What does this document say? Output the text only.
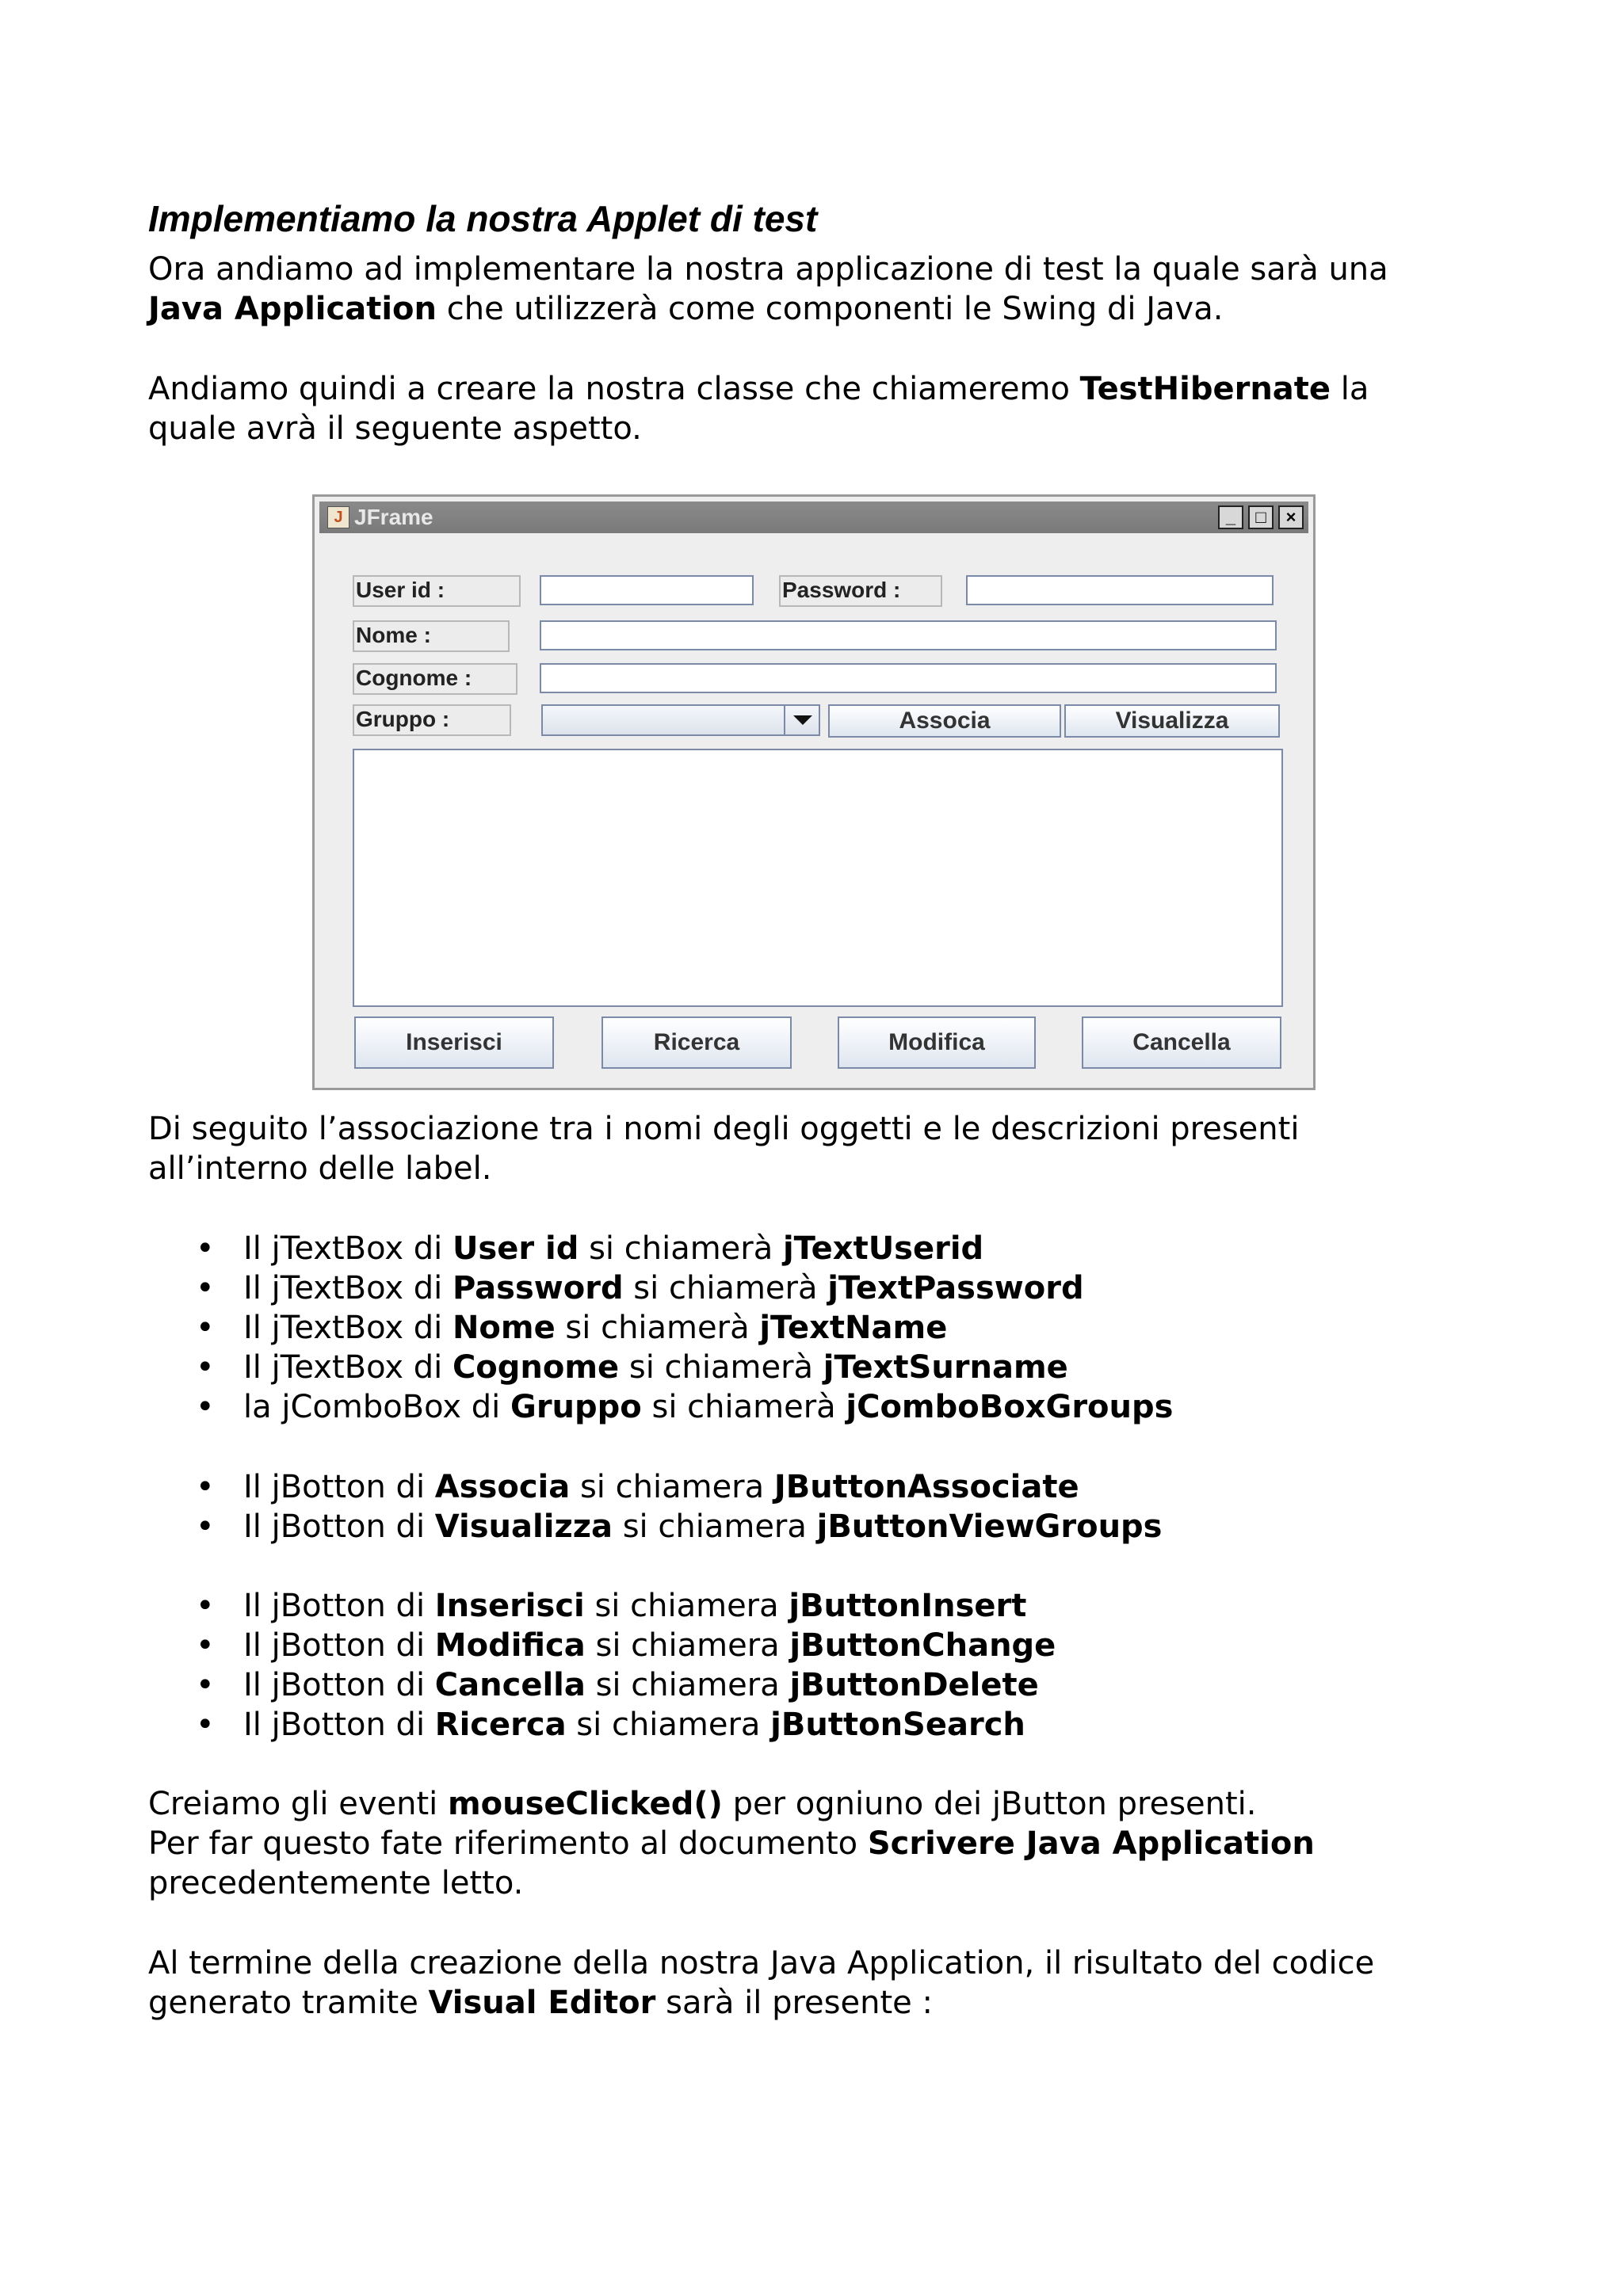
Implementiamo la nostra Applet di test

Ora andiamo ad implementare la nostra applicazione di test la quale sarà una

Java Application che utilizzerà come componenti le Swing di Java.

Andiamo quindi a creare la nostra classe che chiameremo TestHibernate la

quale avrà il seguente aspetto.

J JFrame	_	□	×
User id :	Password :
Nome :
Cognome :
Gruppo :	Associa	Visualizza
Inserisci	Ricerca	Modifica	Cancella

Di seguito l’associazione tra i nomi degli oggetti e le descrizioni presenti

all’interno delle label.

• Il jTextBox di User id si chiamerà jTextUserid
• Il jTextBox di Password si chiamerà jTextPassword
• Il jTextBox di Nome si chiamerà jTextName
• Il jTextBox di Cognome si chiamerà jTextSurname
• la jComboBox di Gruppo si chiamerà jComboBoxGroups
• Il jBotton di Associa si chiamera JButtonAssociate
• Il jBotton di Visualizza si chiamera jButtonViewGroups
• Il jBotton di Inserisci si chiamera jButtonInsert
• Il jBotton di Modifica si chiamera jButtonChange
• Il jBotton di Cancella si chiamera jButtonDelete
• Il jBotton di Ricerca si chiamera jButtonSearch

Creiamo gli eventi mouseClicked() per ogniuno dei jButton presenti.

Per far questo fate riferimento al documento Scrivere Java Application

precedentemente letto.

Al termine della creazione della nostra Java Application, il risultato del codice

generato tramite Visual Editor sarà il presente :
